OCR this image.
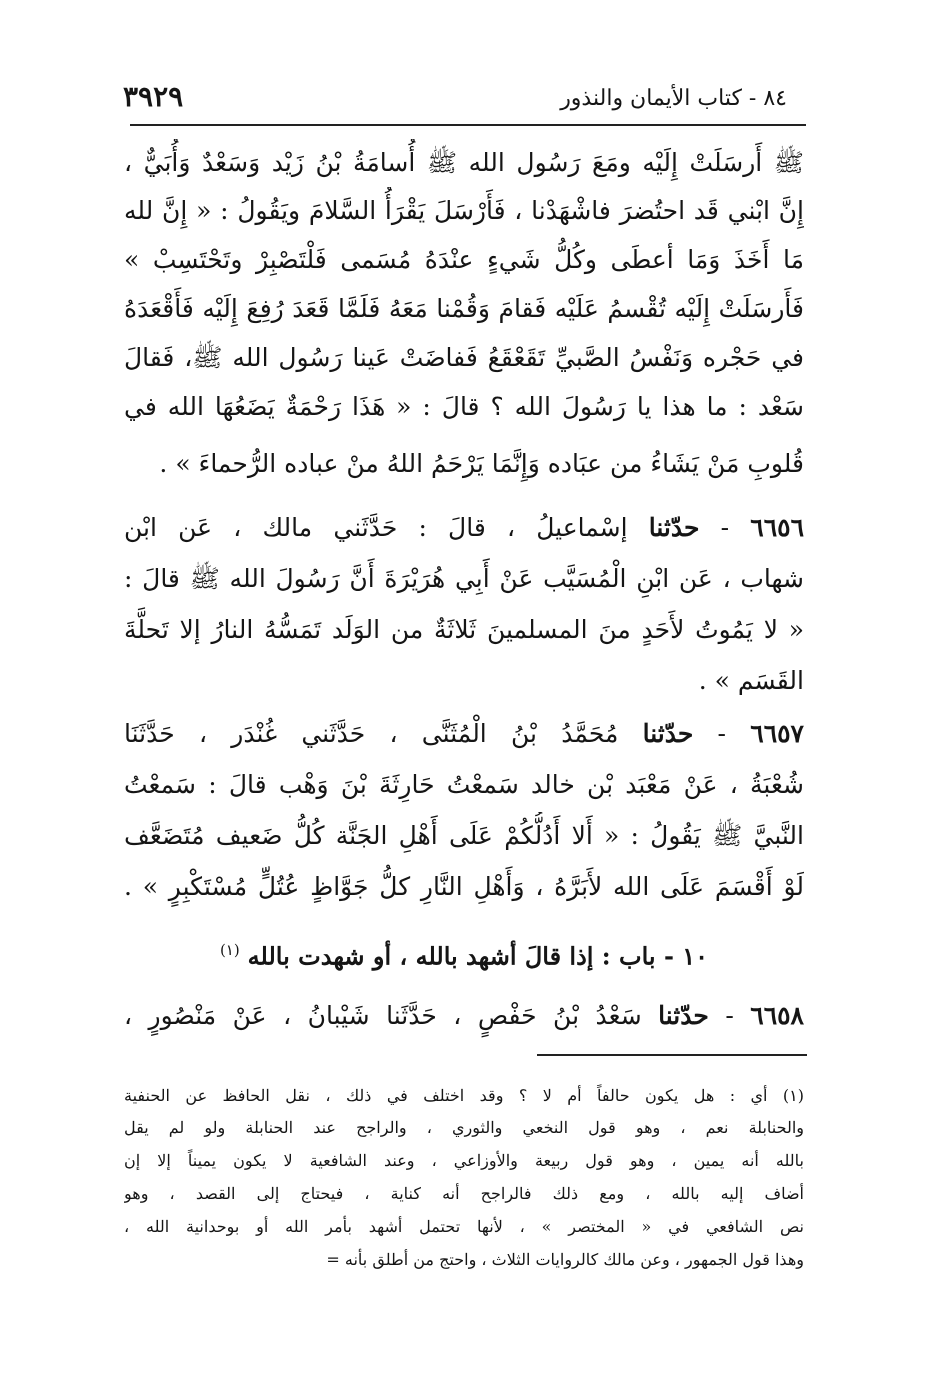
٨٤ - كتاب الأيمان والنذور
٣٩٢٩
ﷺ أَرسَلَتْ إِلَيْه ومَعَ رَسُول الله ﷺ أُسامَةُ بْنُ زَيْد وَسَعْدٌ وَأُبَيٌّ ،
إِنَّ ابْني قَد احتُضرَ فاشْهَدْنا ، فَأَرْسَلَ يَقْرَأُ السَّلامَ ويَقُولُ : « إِنَّ لله
مَا أَخَذَ وَمَا أعطَى وكُلُّ شَيءٍ عنْدَهُ مُسَمى فَلْتَصْبِرْ وتَحْتَسِبْ »
فَأَرسَلَتْ إِلَيْه تُقْسمُ عَلَيْه فَقامَ وَقُمْنا مَعَهُ فَلَمَّا قَعَدَ رُفِعَ إِلَيْه فَأَقْعَدَهُ
في حَجْره وَنَفْسُ الصَّبيِّ تَقَعْقَعُ فَفاضَتْ عَينا رَسُول الله ﷺ، فَقالَ
سَعْد : ما هذا يا رَسُولَ الله ؟ قالَ : « هَذَا رَحْمَةٌ يَضَعُهَا الله في
قُلوبِ مَنْ يَشَاءُ من عبَاده وَإِنَّمَا يَرْحَمُ اللهُ منْ عباده الرُّحماءَ » .
٦٦٥٦ - حدّثنا إسْماعيلُ ، قالَ : حَدَّثَني مالك ، عَن ابْن
شهاب ، عَن ابْنِ الْمُسَيَّب عَنْ أَبِي هُرَيْرَةَ أَنَّ رَسُولَ الله ﷺ قالَ :
« لا يَمُوتُ لأَحَدٍ منَ المسلمينَ ثَلاثَةٌ من الوَلَد تَمَسُّهُ النارُ إلا تَحلَّةَ
القَسَم » .
٦٦٥٧ - حدّثنا مُحَمَّدُ بْنُ الْمُثَنَّى ، حَدَّثَني غُنْدَر ، حَدَّثَنَا
شُعْبَةُ ، عَنْ مَعْبَد بْن خالد سَمعْتُ حَارِثَةَ بْنَ وَهْب قالَ : سَمعْتُ
النَّبيَّ ﷺ يَقُولُ : « أَلا أَدُلُّكُمْ عَلَى أَهْلِ الجَنَّة كُلُّ ضَعيف مُتَضَعَّف
لَوْ أَقْسَمَ عَلَى الله لأَبَرَّهُ ، وَأَهْلِ النَّارِ كلُّ جَوَّاظٍ عُتُلٍّ مُسْتَكْبِرٍ » .
١٠ - باب : إذا قالَ أشهد بالله ، أو شهدت بالله $^{(١)}$
٦٦٥٨ - حدّثنا سَعْدُ بْنُ حَفْصٍ ، حَدَّثَنا شَيْبانُ ، عَنْ مَنْصُورٍ ،
(١) أي : هل يكون حالفاً أم لا ؟ وقد اختلف في ذلك ، نقل الحافظ عن الحنفية
والحنابلة نعم ، وهو قول النخعي والثوري ، والراجح عند الحنابلة ولو لم يقل
بالله أنه يمين ، وهو قول ربيعة والأوزاعي ، وعند الشافعية لا يكون يميناً إلا إن
أضاف إليه بالله ، ومع ذلك فالراجح أنه كناية ، فيحتاج إلى القصد ، وهو
نص الشافعي في « المختصر » ، لأنها تحتمل أشهد بأمر الله أو بوحدانية الله ،
وهذا قول الجمهور ، وعن مالك كالروايات الثلاث ، واحتج من أطلق بأنه =
